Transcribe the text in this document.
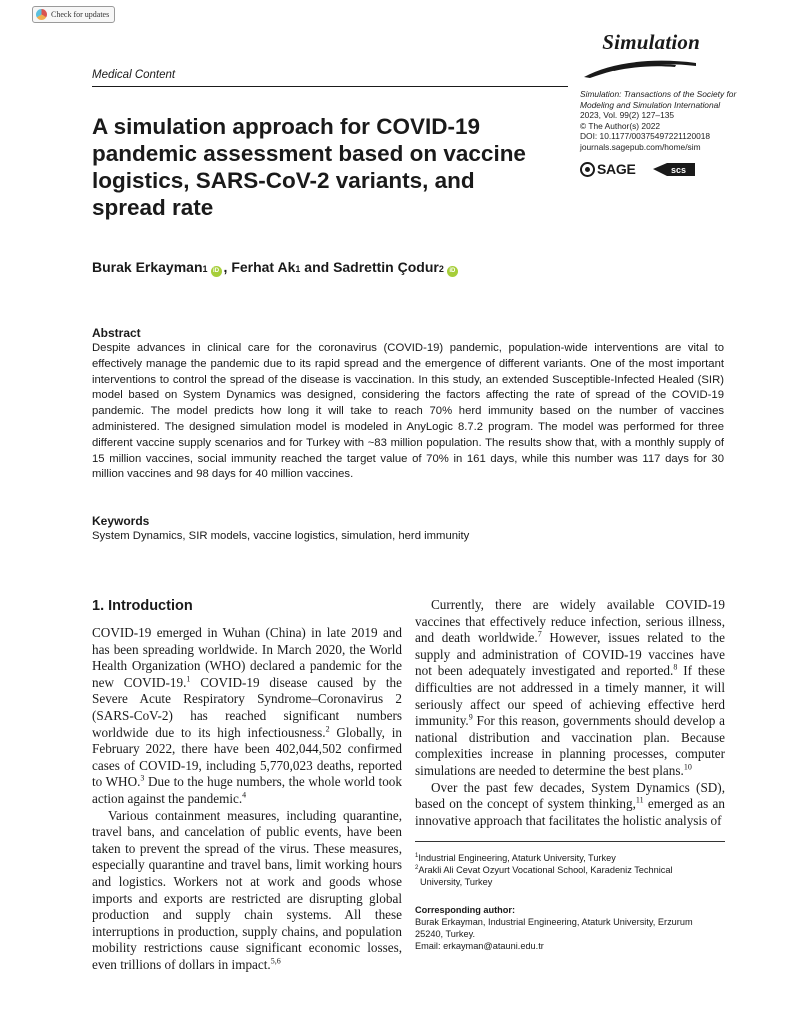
Check for updates
Medical Content
Simulation
Simulation: Transactions of the Society for
Modeling and Simulation International
2023, Vol. 99(2) 127–135
© The Author(s) 2022
DOI: 10.1177/00375497221120018
journals.sagepub.com/home/sim
SAGE	scs
A simulation approach for COVID-19 pandemic assessment based on vaccine logistics, SARS-CoV-2 variants, and spread rate
Burak Erkayman 1 iD , Ferhat Ak 1 and Sadrettin Çodur 2 iD
Abstract

Despite advances in clinical care for the coronavirus (COVID-19) pandemic, population-wide interventions are vital to effectively manage the pandemic due to its rapid spread and the emergence of different variants. One of the most important interventions to control the spread of the disease is vaccination. In this study, an extended Susceptible-Infected Healed (SIR) model based on System Dynamics was designed, considering the factors affecting the rate of spread of the COVID-19 pandemic. The model predicts how long it will take to reach 70% herd immunity based on the number of vaccines administered. The designed simulation model is modeled in AnyLogic 8.7.2 program. The model was performed for three different vaccine supply scenarios and for Turkey with ~83 million population. The results show that, with a monthly supply of 15 million vaccines, social immunity reached the target value of 70% in 161 days, while this number was 117 days for 30 million vaccines and 98 days for 40 million vaccines.

Keywords

System Dynamics, SIR models, vaccine logistics, simulation, herd immunity

1. Introduction

COVID-19 emerged in Wuhan (China) in late 2019 and has been spreading worldwide. In March 2020, the World Health Organization (WHO) declared a pandemic for the new COVID-19.$^1$ COVID-19 disease caused by the Severe Acute Respiratory Syndrome–Coronavirus 2 (SARS-CoV-2) has reached significant numbers worldwide due to its high infectiousness.$^2$ Globally, in February 2022, there have been 402,044,502 confirmed cases of COVID-19, including 5,770,023 deaths, reported to WHO.$^3$ Due to the huge numbers, the whole world took action against the pandemic.$^4$

Various containment measures, including quarantine, travel bans, and cancelation of public events, have been taken to prevent the spread of the virus. These measures, especially quarantine and travel bans, limit working hours and logistics. Workers not at work and goods whose imports and exports are restricted are disrupting global production and supply chain systems. All these interruptions in production, supply chains, and population mobility restrictions cause significant economic losses, even trillions of dollars in impact.$^{5,6}$

Currently, there are widely available COVID-19 vaccines that effectively reduce infection, serious illness, and death worldwide.$^7$ However, issues related to the supply and administration of COVID-19 vaccines have not been adequately investigated and reported.$^8$ If these difficulties are not addressed in a timely manner, it will seriously affect our speed of achieving effective herd immunity.$^9$ For this reason, governments should develop a national distribution and vaccination plan. Because complexities increase in planning processes, computer simulations are needed to determine the best plans.$^{10}$

Over the past few decades, System Dynamics (SD), based on the concept of system thinking,$^{11}$ emerged as an innovative approach that facilitates the holistic analysis of

$^1$Industrial Engineering, Ataturk University, Turkey
$^2$Arakli Ali Cevat Ozyurt Vocational School, Karadeniz Technical
University, Turkey
Corresponding author:
Burak Erkayman, Industrial Engineering, Ataturk University, Erzurum
25240, Turkey.
Email: erkayman@atauni.edu.tr
